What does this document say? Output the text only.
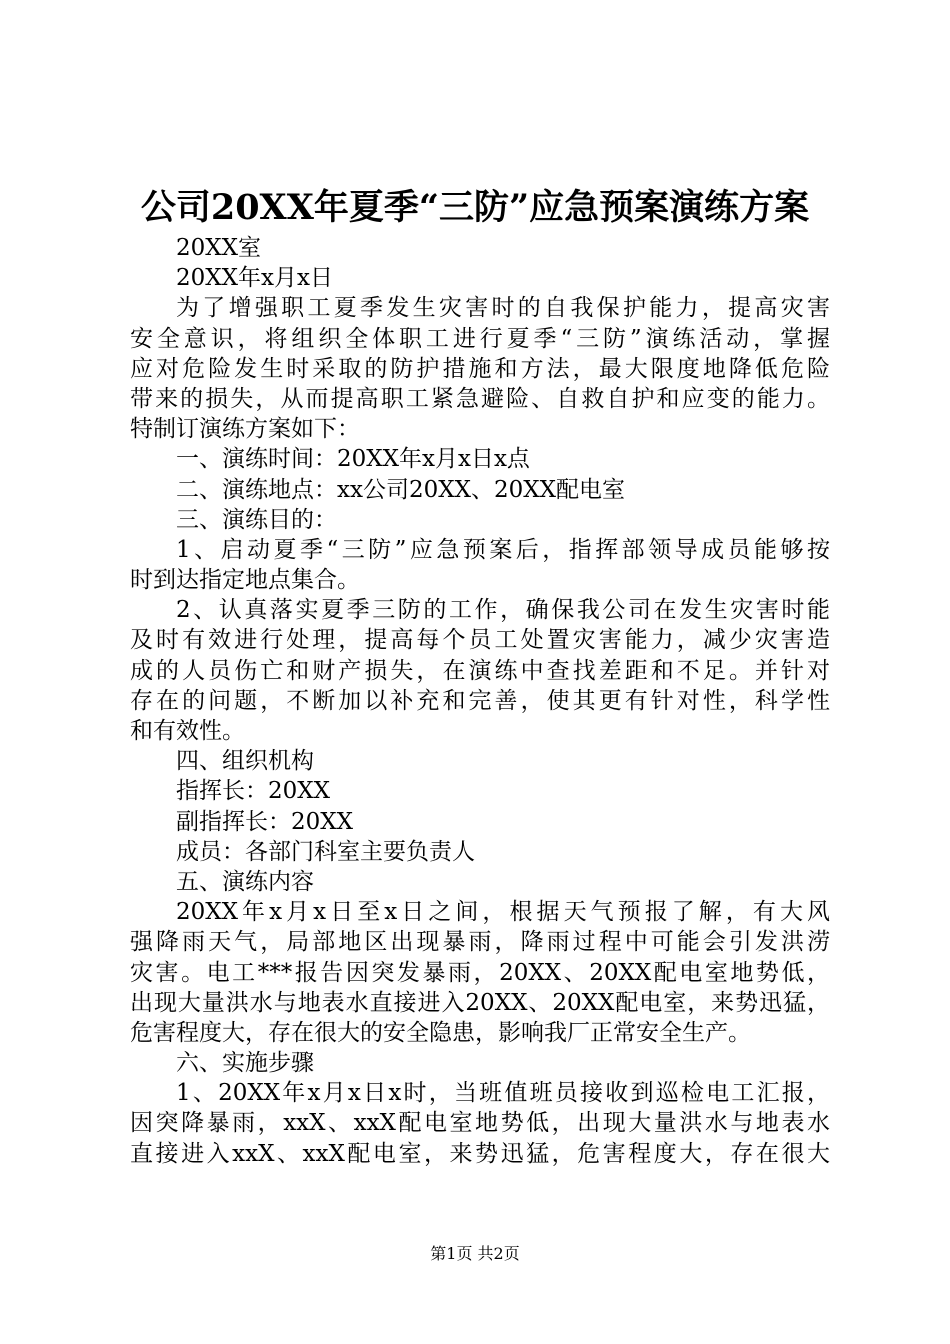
公司20XX年夏季“三防”应急预案演练方案
20XX室
20XX年x月x日
为了增强职工夏季发生灾害时的自我保护能力，提高灾害
安全意识，将组织全体职工进行夏季“三防”演练活动，掌握
应对危险发生时采取的防护措施和方法，最大限度地降低危险
带来的损失，从而提高职工紧急避险、自救自护和应变的能力。
特制订演练方案如下：
一、演练时间：20XX年x月x日x点
二、演练地点：xx公司20XX、20XX配电室
三、演练目的：
1、启动夏季“三防”应急预案后，指挥部领导成员能够按
时到达指定地点集合。
2、认真落实夏季三防的工作，确保我公司在发生灾害时能
及时有效进行处理，提高每个员工处置灾害能力，减少灾害造
成的人员伤亡和财产损失，在演练中查找差距和不足。并针对
存在的问题，不断加以补充和完善，使其更有针对性，科学性
和有效性。
四、组织机构
指挥长：20XX
副指挥长：20XX
成员：各部门科室主要负责人
五、演练内容
20XX年x月x日至x日之间，根据天气预报了解，有大风
强降雨天气，局部地区出现暴雨，降雨过程中可能会引发洪涝
灾害。电工***报告因突发暴雨，20XX、20XX配电室地势低，
出现大量洪水与地表水直接进入20XX、20XX配电室，来势迅猛，
危害程度大，存在很大的安全隐患，影响我厂正常安全生产。
六、实施步骤
1、20XX年x月x日x时，当班值班员接收到巡检电工汇报，
因突降暴雨，xxX、xxX配电室地势低，出现大量洪水与地表水
直接进入xxX、xxX配电室，来势迅猛，危害程度大，存在很大
第1页 共2页
